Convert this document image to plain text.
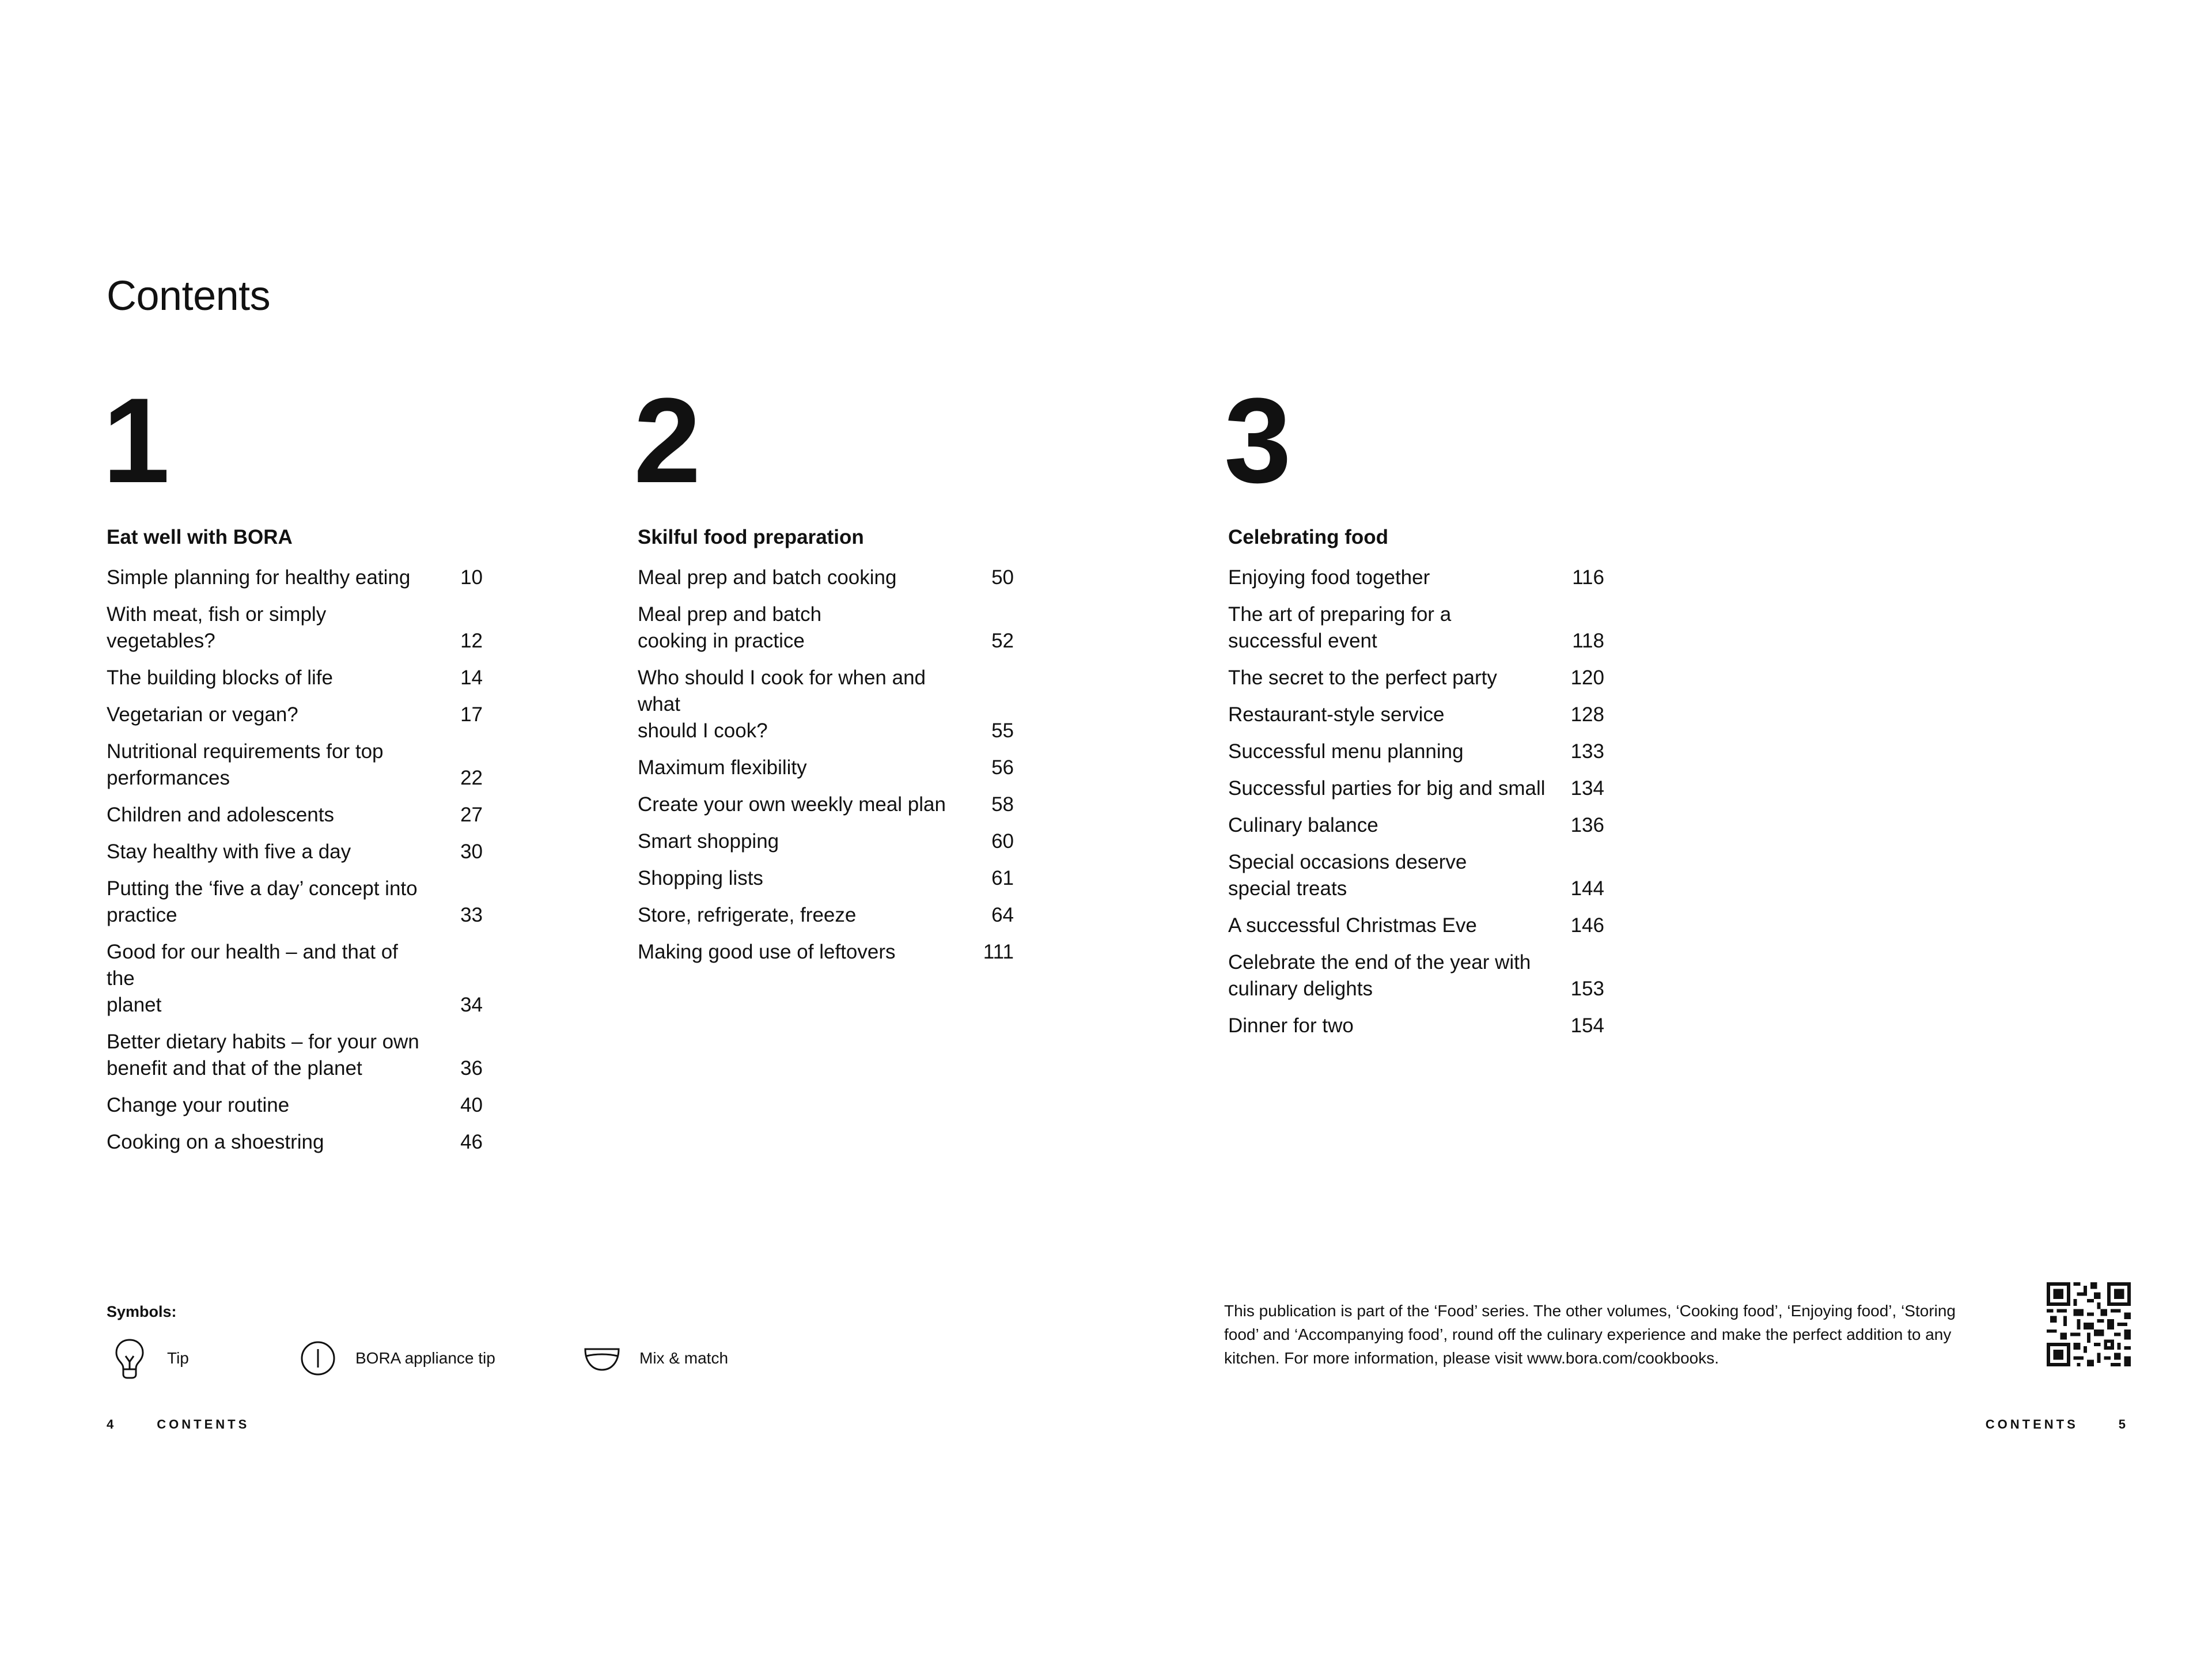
Contents
1
Eat well with BORA
Simple planning for healthy eating	10
With meat, fish or simply vegetables?	12
The building blocks of life	14
Vegetarian or vegan?	17
Nutritional requirements for top
performances	22
Children and adolescents	27
Stay healthy with five a day	30
Putting the ‘five a day’ concept into
practice	33
Good for our health – and that of the
planet	34
Better dietary habits – for your own
benefit and that of the planet	36
Change your routine	40
Cooking on a shoestring	46
2
Skilful food preparation
Meal prep and batch cooking	50
Meal prep and batch
cooking in practice	52
Who should I cook for when and what
should I cook?	55
Maximum flexibility	56
Create your own weekly meal plan	58
Smart shopping	60
Shopping lists	61
Store, refrigerate, freeze	64
Making good use of leftovers	111
3
Celebrating food
Enjoying food together	116
The art of preparing for a
successful event	118
The secret to the perfect party	120
Restaurant-style service	128
Successful menu planning	133
Successful parties for big and small	134
Culinary balance	136
Special occasions deserve
special treats	144
A successful Christmas Eve	146
Celebrate the end of the year with
culinary delights	153
Dinner for two	154
Symbols:
Tip	BORA appliance tip	Mix & match
This publication is part of the ‘Food’ series. The other volumes, ‘Cooking food’, ‘Enjoying food’, ‘Storing food’ and ‘Accompanying food’, round off the culinary experience and make the perfect addition to any kitchen. For more information, please visit www.bora.com/cookbooks.
4	CONTENTS	CONTENTS	5
